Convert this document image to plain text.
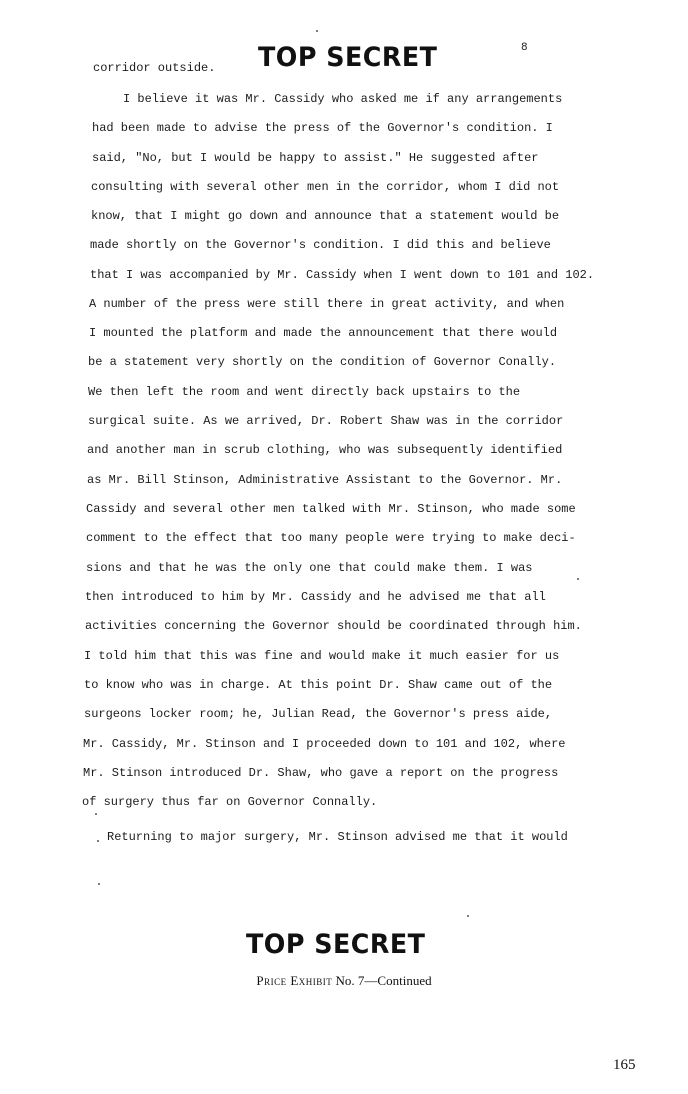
TOP SECRET	8
corridor outside.
I believe it was Mr. Cassidy who asked me if any arrangements
had been made to advise the press of the Governor's condition. I
said, "No, but I would be happy to assist." He suggested after
consulting with several other men in the corridor, whom I did not
know, that I might go down and announce that a statement would be
made shortly on the Governor's condition. I did this and believe
that I was accompanied by Mr. Cassidy when I went down to 101 and 102.
A number of the press were still there in great activity, and when
I mounted the platform and made the announcement that there would
be a statement very shortly on the condition of Governor Conally.
We then left the room and went directly back upstairs to the
surgical suite. As we arrived, Dr. Robert Shaw was in the corridor
and another man in scrub clothing, who was subsequently identified
as Mr. Bill Stinson, Administrative Assistant to the Governor. Mr.
Cassidy and several other men talked with Mr. Stinson, who made some
comment to the effect that too many people were trying to make deci-
sions and that he was the only one that could make them. I was
then introduced to him by Mr. Cassidy and he advised me that all
activities concerning the Governor should be coordinated through him.
I told him that this was fine and would make it much easier for us
to know who was in charge. At this point Dr. Shaw came out of the
surgeons locker room; he, Julian Read, the Governor's press aide,
Mr. Cassidy, Mr. Stinson and I proceeded down to 101 and 102, where
Mr. Stinson introduced Dr. Shaw, who gave a report on the progress
of surgery thus far on Governor Connally.
Returning to major surgery, Mr. Stinson advised me that it would
TOP SECRET
Price Exhibit No. 7—Continued
165
